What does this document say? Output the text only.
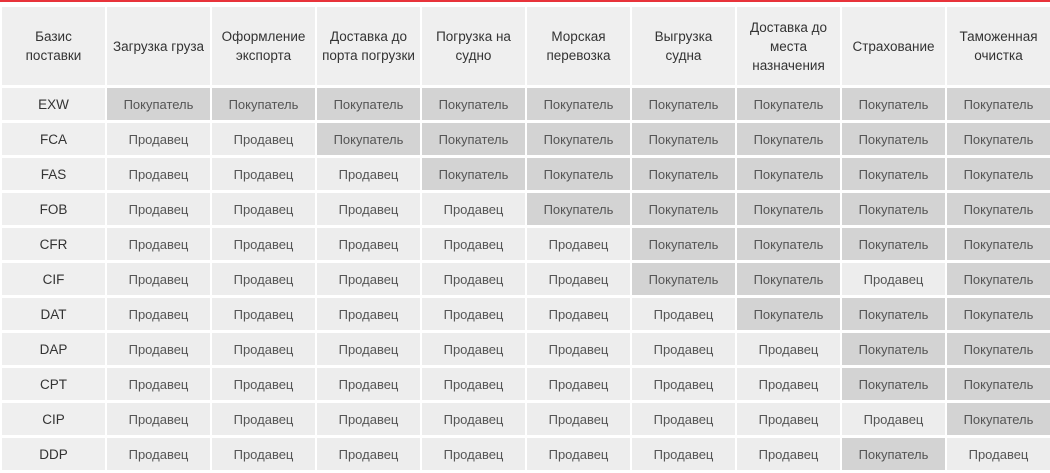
Базис поставки	Загрузка груза	Оформление экспорта	Доставка до порта погрузки	Погрузка на судно	Морская перевозка	Выгрузка судна	Доставка до места назначения	Страхование	Таможенная очистка
EXW	Покупатель	Покупатель	Покупатель	Покупатель	Покупатель	Покупатель	Покупатель	Покупатель	Покупатель
FCA	Продавец	Продавец	Покупатель	Покупатель	Покупатель	Покупатель	Покупатель	Покупатель	Покупатель
FAS	Продавец	Продавец	Продавец	Покупатель	Покупатель	Покупатель	Покупатель	Покупатель	Покупатель
FOB	Продавец	Продавец	Продавец	Продавец	Покупатель	Покупатель	Покупатель	Покупатель	Покупатель
CFR	Продавец	Продавец	Продавец	Продавец	Продавец	Покупатель	Покупатель	Покупатель	Покупатель
CIF	Продавец	Продавец	Продавец	Продавец	Продавец	Покупатель	Покупатель	Продавец	Покупатель
DAT	Продавец	Продавец	Продавец	Продавец	Продавец	Продавец	Покупатель	Покупатель	Покупатель
DAP	Продавец	Продавец	Продавец	Продавец	Продавец	Продавец	Продавец	Покупатель	Покупатель
CPT	Продавец	Продавец	Продавец	Продавец	Продавец	Продавец	Продавец	Покупатель	Покупатель
CIP	Продавец	Продавец	Продавец	Продавец	Продавец	Продавец	Продавец	Продавец	Покупатель
DDP	Продавец	Продавец	Продавец	Продавец	Продавец	Продавец	Продавец	Покупатель	Продавец
